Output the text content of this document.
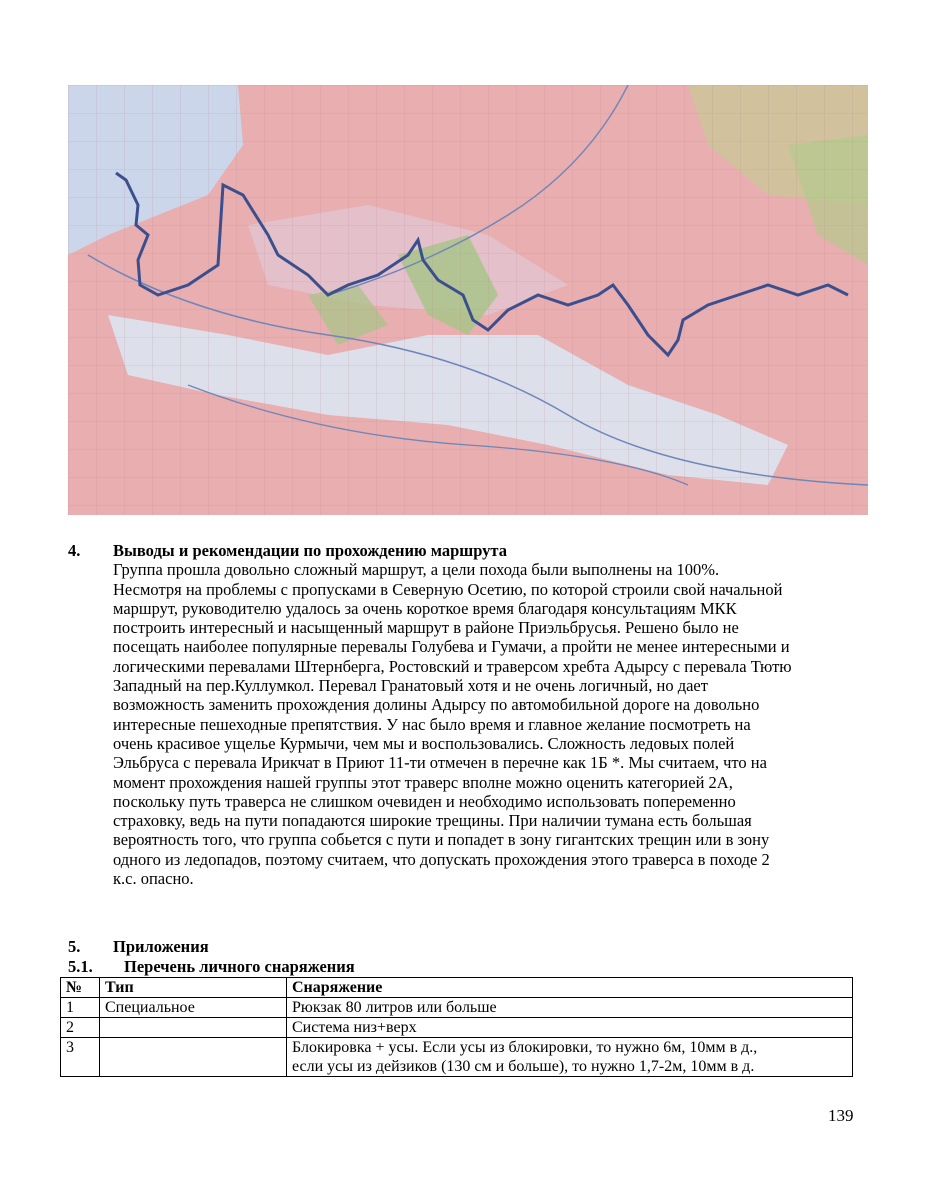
4.	Выводы и рекомендации по прохождению маршрута
Группа прошла довольно сложный маршрут, а цели похода были выполнены на 100%.
Несмотря на проблемы с пропусками в Северную Осетию, по которой строили свой начальной
маршрут, руководителю удалось за очень короткое время благодаря консультациям МКК
построить интересный и насыщенный маршрут в районе Приэльбрусья. Решено было не
посещать наиболее популярные перевалы Голубева и Гумачи, а пройти не менее интересными и
логическими перевалами Штернберга, Ростовский и траверсом хребта Адырсу с перевала Тютю
Западный на пер.Куллумкол. Перевал Гранатовый хотя и не очень логичный, но дает
возможность заменить прохождения долины Адырсу по автомобильной дороге на довольно
интересные пешеходные препятствия. У нас было время и главное желание посмотреть на
очень красивое ущелье Курмычи, чем мы и воспользовались. Сложность ледовых полей
Эльбруса с перевала Ирикчат в Приют 11-ти отмечен в перечне как 1Б *. Мы считаем, что на
момент прохождения нашей группы этот траверс вполне можно оценить категорией 2А,
поскольку путь траверса не слишком очевиден и необходимо использовать попеременно
страховку, ведь на пути попадаются широкие трещины. При наличии тумана есть большая
вероятность того, что группа собьется с пути и попадет в зону гигантских трещин или в зону
одного из ледопадов, поэтому считаем, что допускать прохождения этого траверса в походе 2
к.с. опасно.
5.	Приложения
5.1.	Перечень личного снаряжения
№	Тип	Снаряжение
1	Специальное	Рюкзак 80 литров или больше
2		Система низ+верх
3		Блокировка + усы. Если усы из блокировки, то нужно 6м, 10мм в д.,
если усы из дейзиков (130 см и больше), то нужно 1,7-2м, 10мм в д.
139
